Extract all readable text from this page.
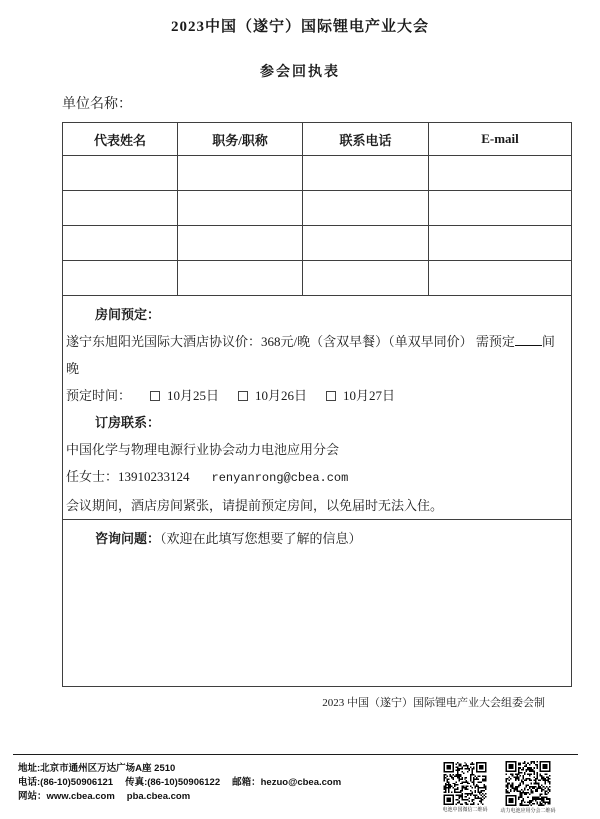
2023中国（遂宁）国际锂电产业大会
参会回执表
单位名称：
代表姓名	职务/职称	联系电话	E-mail

房间预定：
遂宁东旭阳光国际大酒店协议价：368元/晚（含双早餐）（单双早同价） 需预定 间
晚
预定时间：	10月25日	10月26日	10月27日
订房联系：
中国化学与物理电源行业协会动力电池应用分会
任女士：13910233124 renyanrong@cbea.com
会议期间，酒店房间紧张，请提前预定房间，以免届时无法入住。

咨询问题：（欢迎在此填写您想要了解的信息）			
2023 中国（遂宁）国际锂电产业大会组委会制
地址:北京市通州区万达广场A座 2510
电话:(86-10)50906121 传真:(86-10)50906122 邮箱：hezuo@cbea.com
网站：www.cbea.com pba.cbea.com
电池中国微信二维码	动力电池应用分会二维码
